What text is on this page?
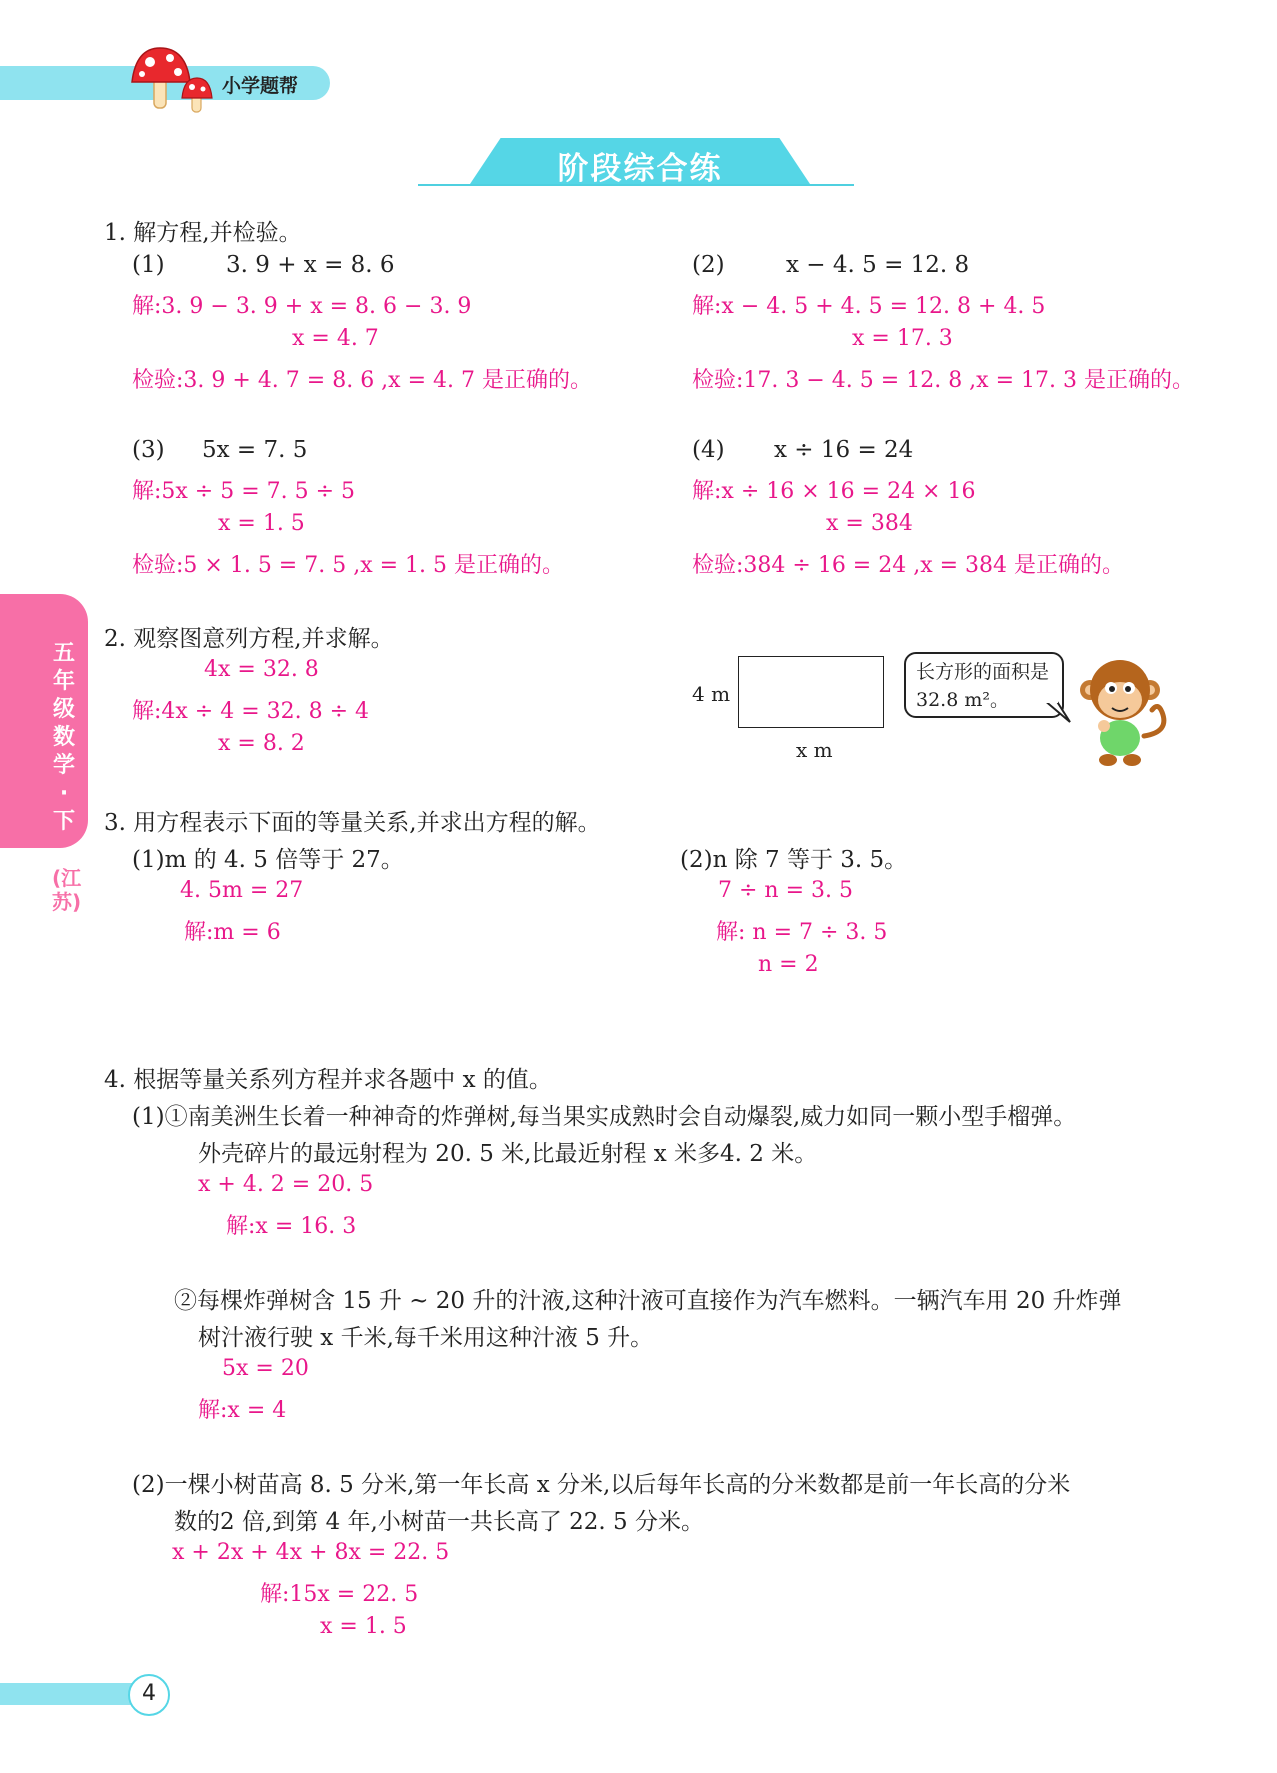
小学题帮
阶段综合练
五年级数学·下
(江苏)
1. 解方程,并检验。
(1)	3. 9 + x = 8. 6
解:3. 9 − 3. 9 + x = 8. 6 − 3. 9
x = 4. 7
检验:3. 9 + 4. 7 = 8. 6 ,x = 4. 7 是正确的。
(2)	x − 4. 5 = 12. 8
解:x − 4. 5 + 4. 5 = 12. 8 + 4. 5
x = 17. 3
检验:17. 3 − 4. 5 = 12. 8 ,x = 17. 3 是正确的。
(3) 5x = 7. 5
解:5x ÷ 5 = 7. 5 ÷ 5
x = 1. 5
检验:5 × 1. 5 = 7. 5 ,x = 1. 5 是正确的。
(4) x ÷ 16 = 24
解:x ÷ 16 × 16 = 24 × 16
x = 384
检验:384 ÷ 16 = 24 ,x = 384 是正确的。
2. 观察图意列方程,并求解。
4x = 32. 8
解:4x ÷ 4 = 32. 8 ÷ 4
x = 8. 2
4 m
x m
长方形的面积是 32.8 m²。
3. 用方程表示下面的等量关系,并求出方程的解。
(1)m 的 4. 5 倍等于 27。
4. 5m = 27
解:m = 6
(2)n 除 7 等于 3. 5。
7 ÷ n = 3. 5
解: n = 7 ÷ 3. 5
n = 2
4. 根据等量关系列方程并求各题中 x 的值。
(1)①南美洲生长着一种神奇的炸弹树,每当果实成熟时会自动爆裂,威力如同一颗小型手榴弹。
外壳碎片的最远射程为 20. 5 米,比最近射程 x 米多4. 2 米。
x + 4. 2 = 20. 5
解:x = 16. 3
②每棵炸弹树含 15 升 ~ 20 升的汁液,这种汁液可直接作为汽车燃料。一辆汽车用 20 升炸弹
树汁液行驶 x 千米,每千米用这种汁液 5 升。
5x = 20
解:x = 4
(2)一棵小树苗高 8. 5 分米,第一年长高 x 分米,以后每年长高的分米数都是前一年长高的分米
数的2 倍,到第 4 年,小树苗一共长高了 22. 5 分米。
x + 2x + 4x + 8x = 22. 5
解:15x = 22. 5
x = 1. 5
4
